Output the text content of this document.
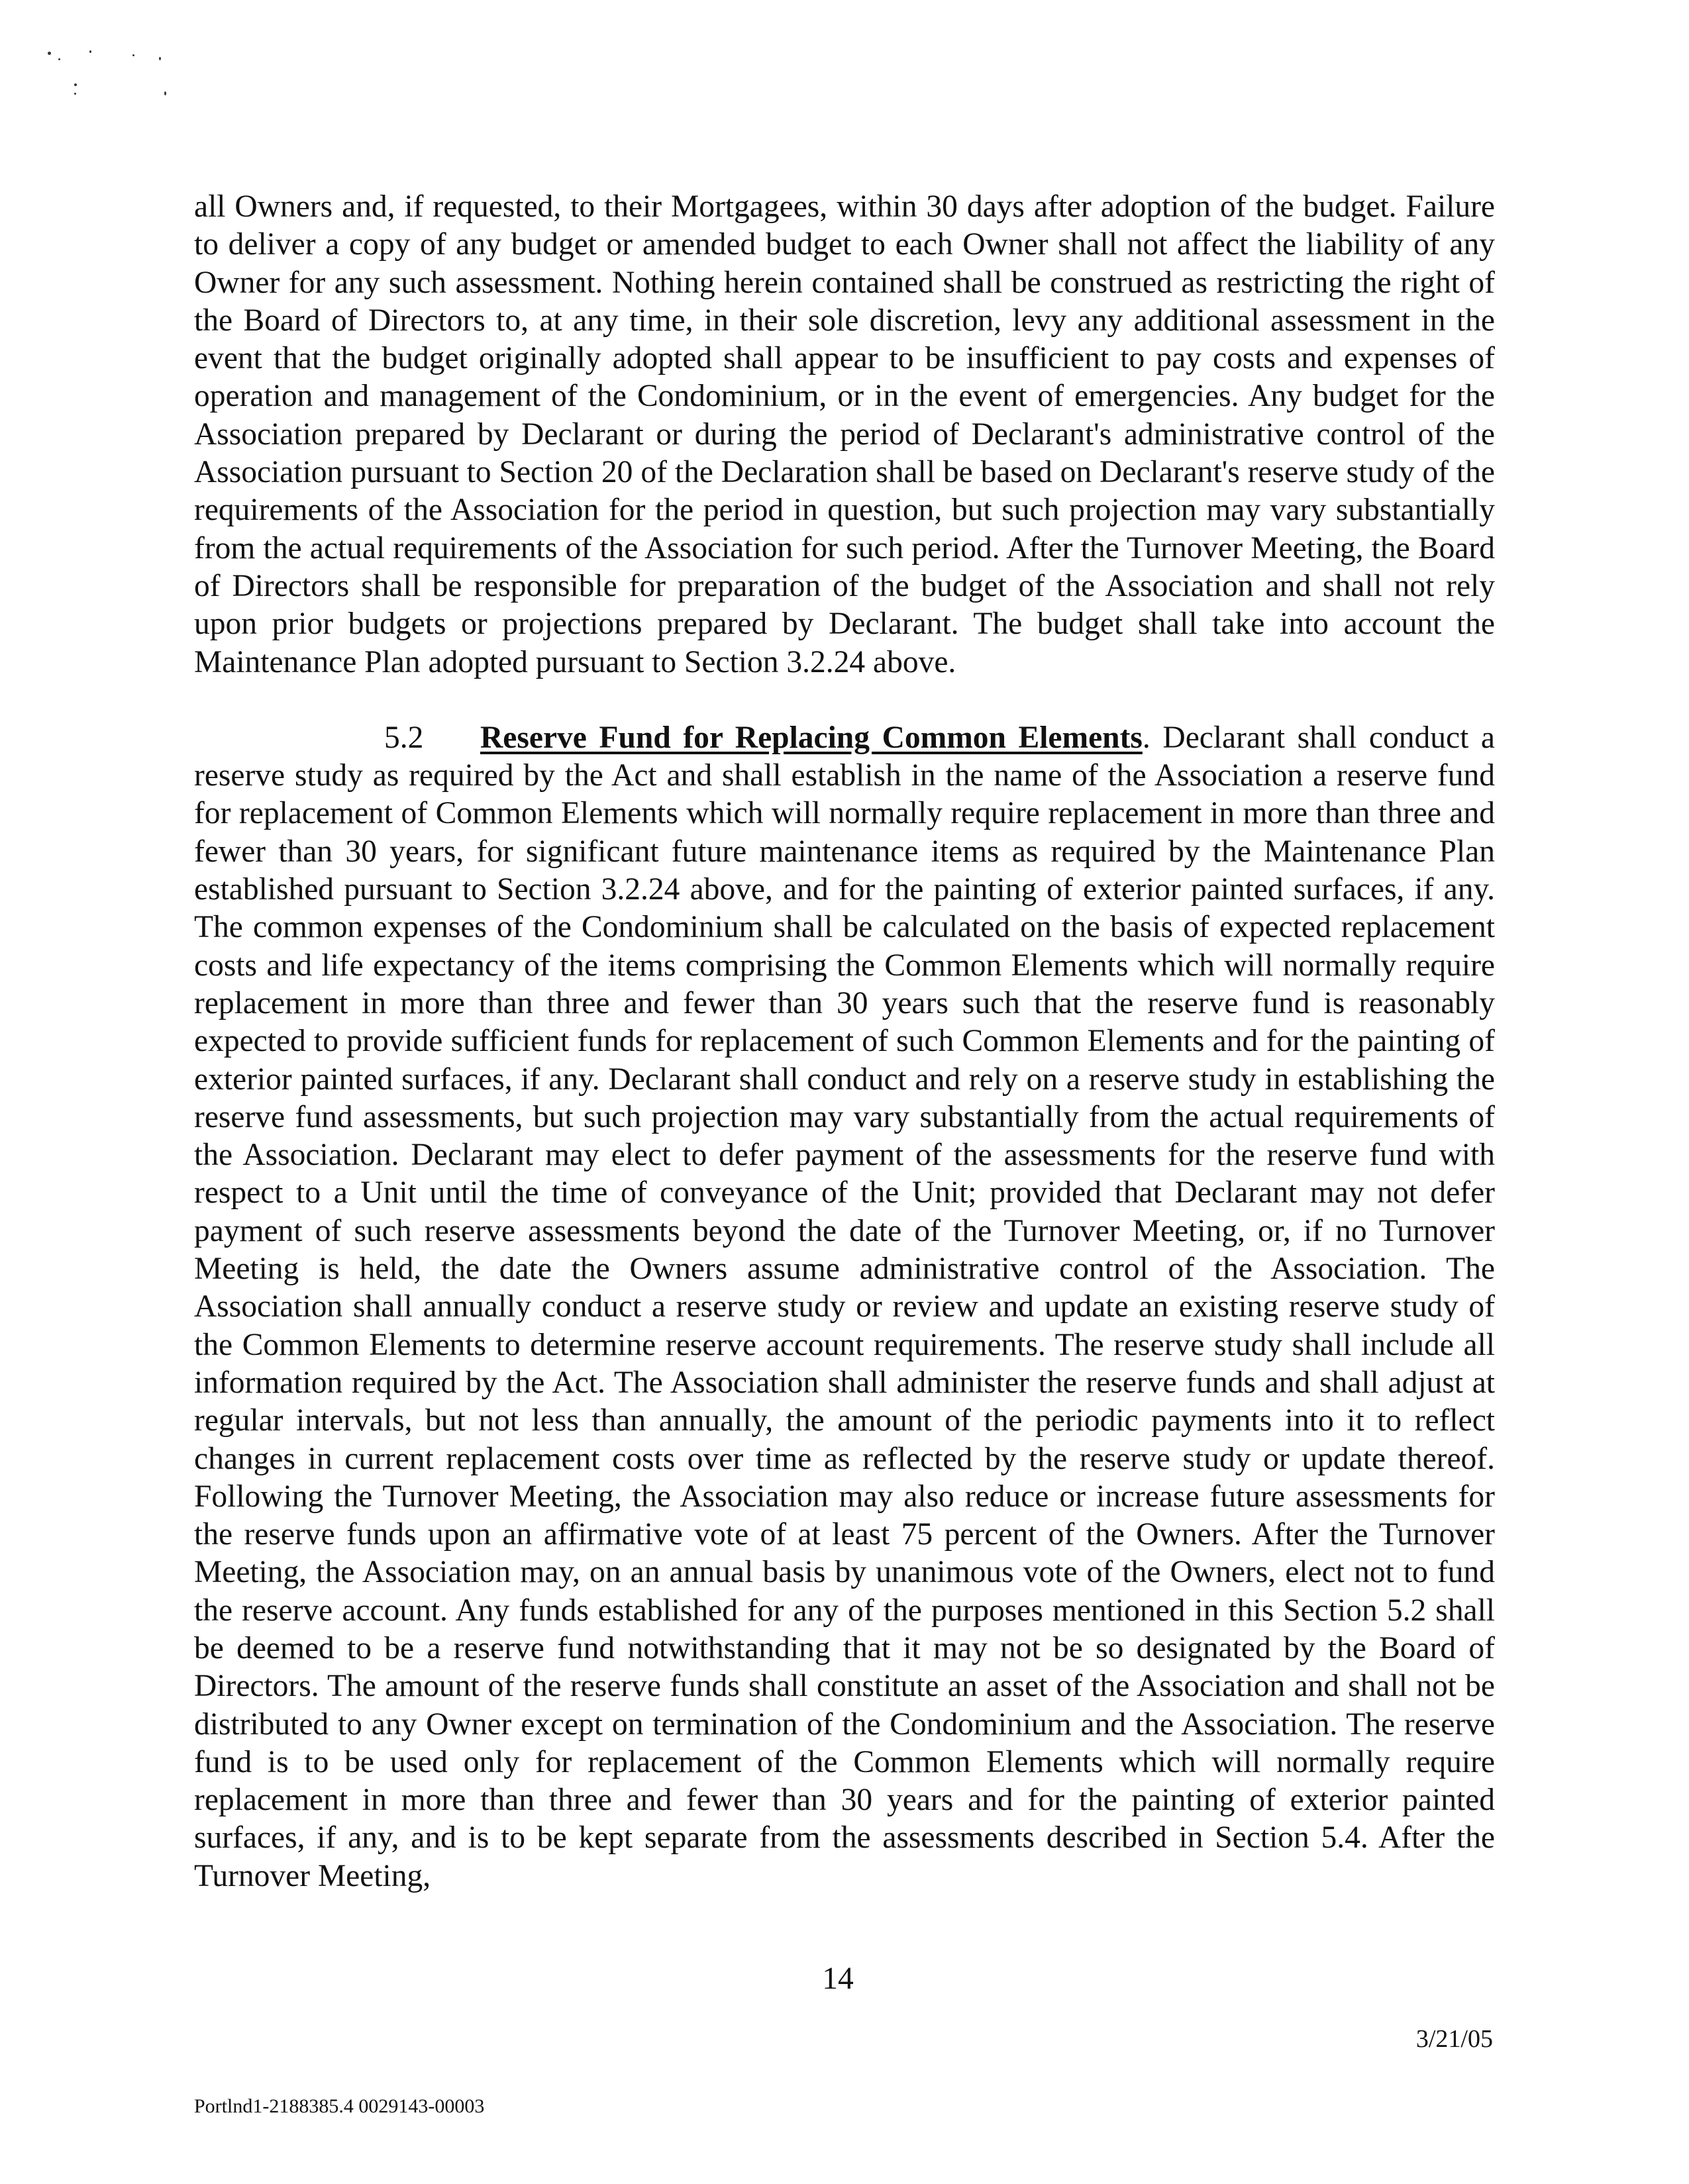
all Owners and, if requested, to their Mortgagees, within 30 days after adoption of the budget. Failure to deliver a copy of any budget or amended budget to each Owner shall not affect the liability of any Owner for any such assessment. Nothing herein contained shall be construed as restricting the right of the Board of Directors to, at any time, in their sole discretion, levy any additional assessment in the event that the budget originally adopted shall appear to be insufficient to pay costs and expenses of operation and management of the Condominium, or in the event of emergencies. Any budget for the Association prepared by Declarant or during the period of Declarant's administrative control of the Association pursuant to Section 20 of the Declaration shall be based on Declarant's reserve study of the requirements of the Association for the period in question, but such projection may vary substantially from the actual requirements of the Association for such period. After the Turnover Meeting, the Board of Directors shall be responsible for preparation of the budget of the Association and shall not rely upon prior budgets or projections prepared by Declarant. The budget shall take into account the Maintenance Plan adopted pursuant to Section 3.2.24 above.

5.2 Reserve Fund for Replacing Common Elements. Declarant shall conduct a reserve study as required by the Act and shall establish in the name of the Association a reserve fund for replacement of Common Elements which will normally require replacement in more than three and fewer than 30 years, for significant future maintenance items as required by the Maintenance Plan established pursuant to Section 3.2.24 above, and for the painting of exterior painted surfaces, if any. The common expenses of the Condominium shall be calculated on the basis of expected replacement costs and life expectancy of the items comprising the Common Elements which will normally require replacement in more than three and fewer than 30 years such that the reserve fund is reasonably expected to provide sufficient funds for replacement of such Common Elements and for the painting of exterior painted surfaces, if any. Declarant shall conduct and rely on a reserve study in establishing the reserve fund assessments, but such projection may vary substantially from the actual requirements of the Association. Declarant may elect to defer payment of the assessments for the reserve fund with respect to a Unit until the time of conveyance of the Unit; provided that Declarant may not defer payment of such reserve assessments beyond the date of the Turnover Meeting, or, if no Turnover Meeting is held, the date the Owners assume administrative control of the Association. The Association shall annually conduct a reserve study or review and update an existing reserve study of the Common Elements to determine reserve account requirements. The reserve study shall include all information required by the Act. The Association shall administer the reserve funds and shall adjust at regular intervals, but not less than annually, the amount of the periodic payments into it to reflect changes in current replacement costs over time as reflected by the reserve study or update thereof. Following the Turnover Meeting, the Association may also reduce or increase future assessments for the reserve funds upon an affirmative vote of at least 75 percent of the Owners. After the Turnover Meeting, the Association may, on an annual basis by unanimous vote of the Owners, elect not to fund the reserve account. Any funds established for any of the purposes mentioned in this Section 5.2 shall be deemed to be a reserve fund notwithstanding that it may not be so designated by the Board of Directors. The amount of the reserve funds shall constitute an asset of the Association and shall not be distributed to any Owner except on termination of the Condominium and the Association. The reserve fund is to be used only for replacement of the Common Elements which will normally require replacement in more than three and fewer than 30 years and for the painting of exterior painted surfaces, if any, and is to be kept separate from the assessments described in Section 5.4. After the Turnover Meeting,

14
3/21/05
Portlnd1-2188385.4 0029143-00003
